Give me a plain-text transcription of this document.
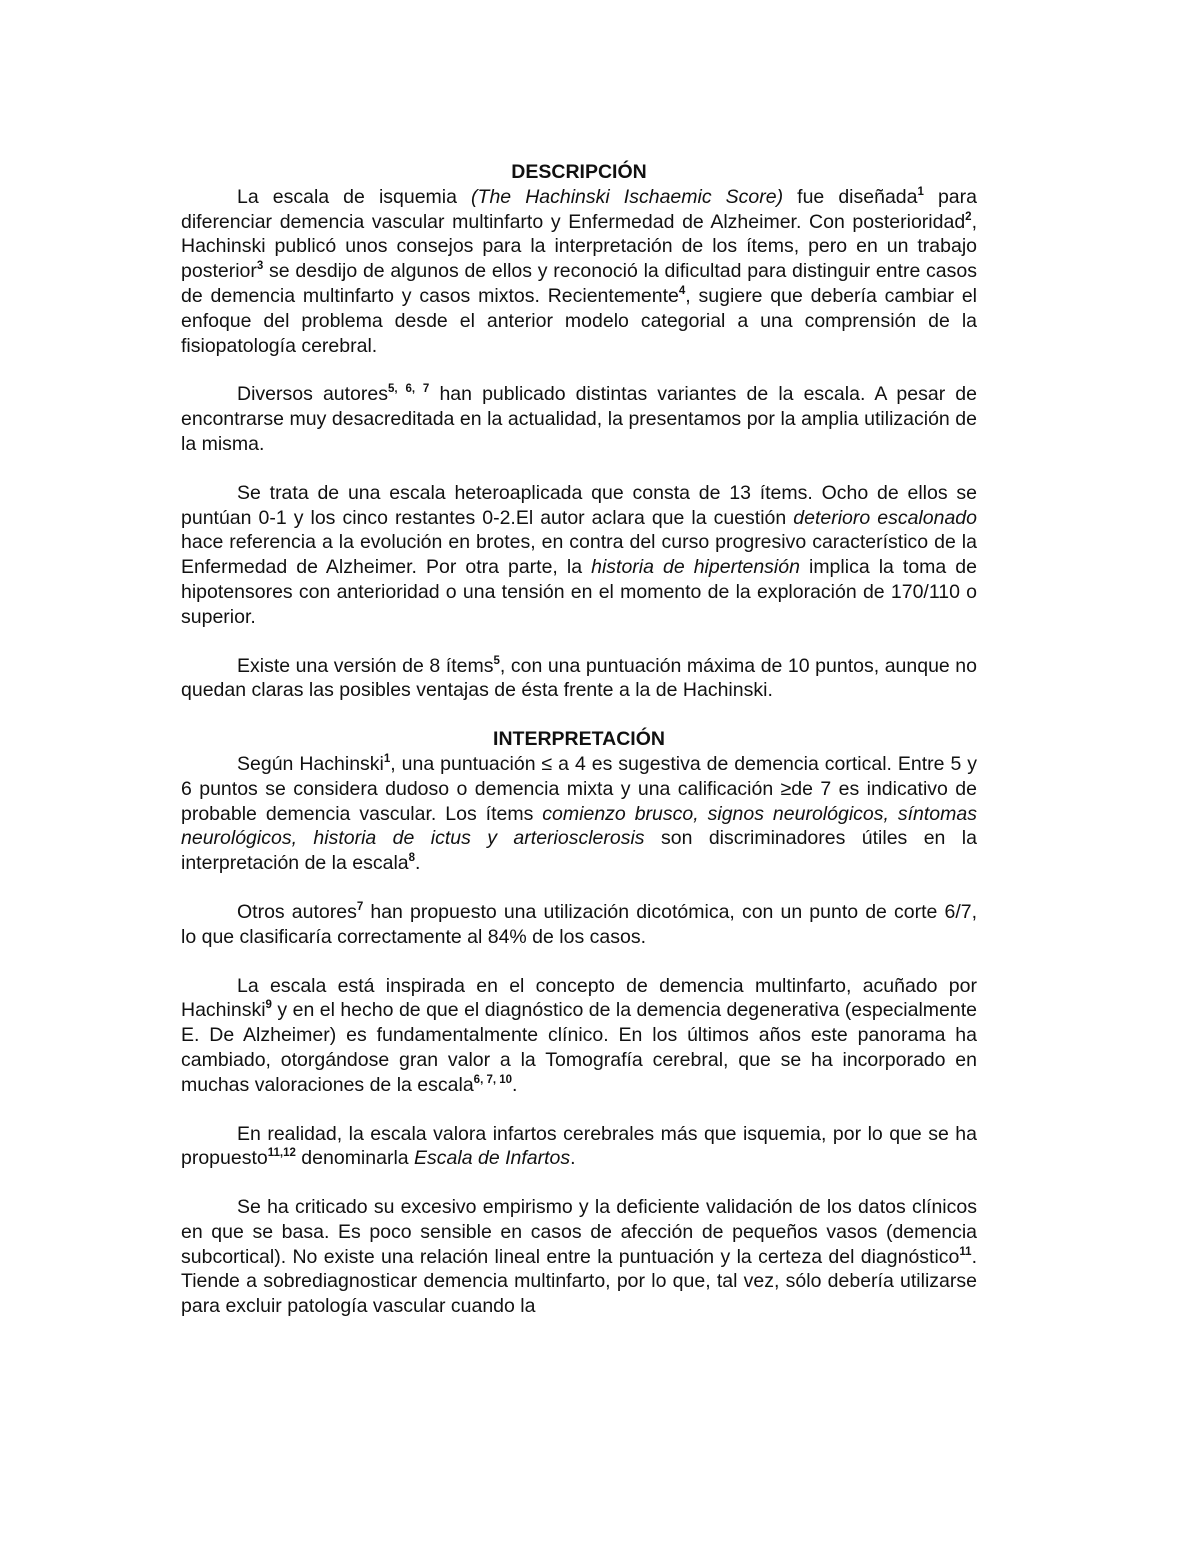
DESCRIPCIÓN

La escala de isquemia (The Hachinski Ischaemic Score) fue diseñada$^1$ para diferenciar demencia vascular multinfarto y Enfermedad de Alzheimer. Con posterioridad$^2$, Hachinski publicó unos consejos para la interpretación de los ítems, pero en un trabajo posterior$^3$ se desdijo de algunos de ellos y reconoció la dificultad para distinguir entre casos de demencia multinfarto y casos mixtos. Recientemente$^4$, sugiere que debería cambiar el enfoque del problema desde el anterior modelo categorial a una comprensión de la fisiopatología cerebral.

Diversos autores$^{5, 6, 7}$ han publicado distintas variantes de la escala. A pesar de encontrarse muy desacreditada en la actualidad, la presentamos por la amplia utilización de la misma.

Se trata de una escala heteroaplicada que consta de 13 ítems. Ocho de ellos se puntúan 0-1 y los cinco restantes 0-2.El autor aclara que la cuestión deterioro escalonado hace referencia a la evolución en brotes, en contra del curso progresivo característico de la Enfermedad de Alzheimer. Por otra parte, la historia de hipertensión implica la toma de hipotensores con anterioridad o una tensión en el momento de la exploración de 170/110 o superior.

Existe una versión de 8 ítems$^5$, con una puntuación máxima de 10 puntos, aunque no quedan claras las posibles ventajas de ésta frente a la de Hachinski.

INTERPRETACIÓN

Según Hachinski$^1$, una puntuación ≤ a 4 es sugestiva de demencia cortical. Entre 5 y 6 puntos se considera dudoso o demencia mixta y una calificación ≥de 7 es indicativo de probable demencia vascular. Los ítems comienzo brusco, signos neurológicos, síntomas neurológicos, historia de ictus y arteriosclerosis son discriminadores útiles en la interpretación de la escala$^8$.

Otros autores$^7$ han propuesto una utilización dicotómica, con un punto de corte 6/7, lo que clasificaría correctamente al 84% de los casos.

La escala está inspirada en el concepto de demencia multinfarto, acuñado por Hachinski$^9$ y en el hecho de que el diagnóstico de la demencia degenerativa (especialmente E. De Alzheimer) es fundamentalmente clínico. En los últimos años este panorama ha cambiado, otorgándose gran valor a la Tomografía cerebral, que se ha incorporado en muchas valoraciones de la escala$^{6, 7, 10}$.

En realidad, la escala valora infartos cerebrales más que isquemia, por lo que se ha propuesto$^{11,12}$ denominarla Escala de Infartos.

Se ha criticado su excesivo empirismo y la deficiente validación de los datos clínicos en que se basa. Es poco sensible en casos de afección de pequeños vasos (demencia subcortical). No existe una relación lineal entre la puntuación y la certeza del diagnóstico$^{11}$. Tiende a sobrediagnosticar demencia multinfarto, por lo que, tal vez, sólo debería utilizarse para excluir patología vascular cuando la
